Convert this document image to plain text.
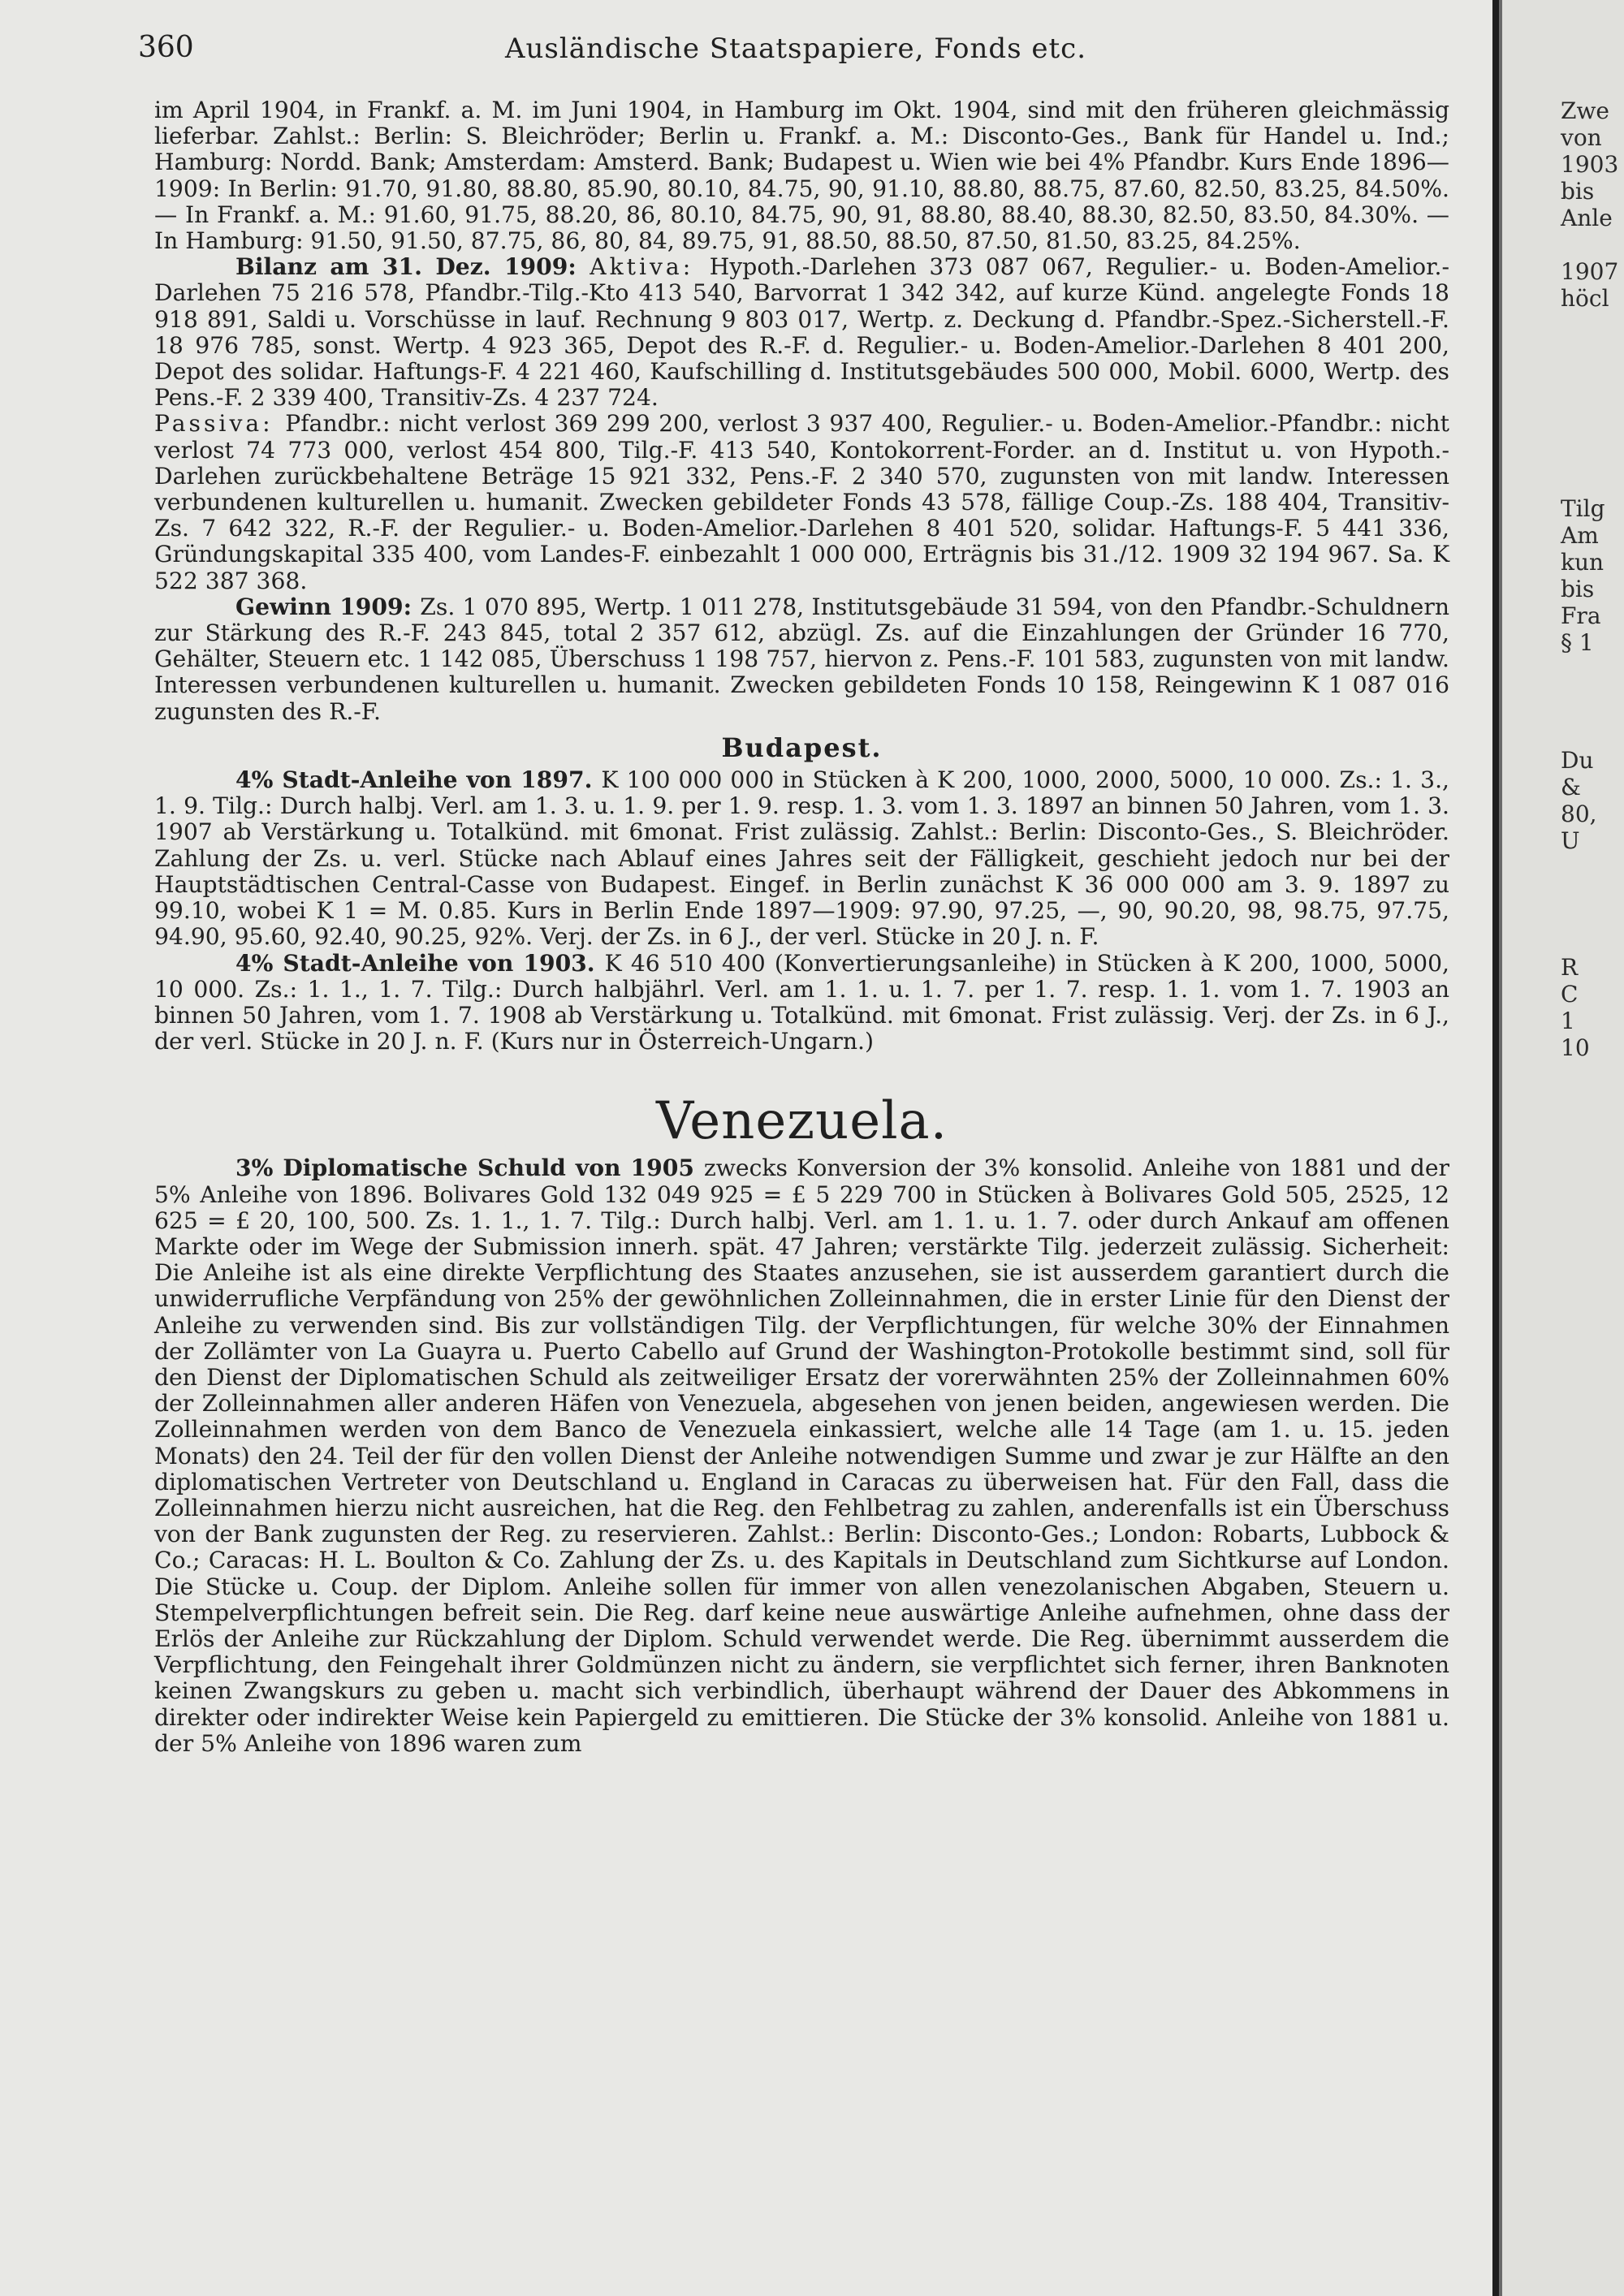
360	Ausländische Staatspapiere, Fonds etc.

im April 1904, in Frankf. a. M. im Juni 1904, in Hamburg im Okt. 1904, sind mit den früheren gleichmässig lieferbar. Zahlst.: Berlin: S. Bleichröder; Berlin u. Frankf. a. M.: Disconto-Ges., Bank für Handel u. Ind.; Hamburg: Nordd. Bank; Amsterdam: Amsterd. Bank; Budapest u. Wien wie bei 4% Pfandbr. Kurs Ende 1896—1909: In Berlin: 91.70, 91.80, 88.80, 85.90, 80.10, 84.75, 90, 91.10, 88.80, 88.75, 87.60, 82.50, 83.25, 84.50%. — In Frankf. a. M.: 91.60, 91.75, 88.20, 86, 80.10, 84.75, 90, 91, 88.80, 88.40, 88.30, 82.50, 83.50, 84.30%. — In Hamburg: 91.50, 91.50, 87.75, 86, 80, 84, 89.75, 91, 88.50, 88.50, 87.50, 81.50, 83.25, 84.25%.

Bilanz am 31. Dez. 1909: Aktiva: Hypoth.-Darlehen 373 087 067, Regulier.- u. Boden-Amelior.-Darlehen 75 216 578, Pfandbr.-Tilg.-Kto 413 540, Barvorrat 1 342 342, auf kurze Künd. angelegte Fonds 18 918 891, Saldi u. Vorschüsse in lauf. Rechnung 9 803 017, Wertp. z. Deckung d. Pfandbr.-Spez.-Sicherstell.-F. 18 976 785, sonst. Wertp. 4 923 365, Depot des R.-F. d. Regulier.- u. Boden-Amelior.-Darlehen 8 401 200, Depot des solidar. Haftungs-F. 4 221 460, Kaufschilling d. Institutsgebäudes 500 000, Mobil. 6000, Wertp. des Pens.-F. 2 339 400, Transitiv-Zs. 4 237 724.

Passiva: Pfandbr.: nicht verlost 369 299 200, verlost 3 937 400, Regulier.- u. Boden-Amelior.-Pfandbr.: nicht verlost 74 773 000, verlost 454 800, Tilg.-F. 413 540, Kontokorrent-Forder. an d. Institut u. von Hypoth.-Darlehen zurückbehaltene Beträge 15 921 332, Pens.-F. 2 340 570, zugunsten von mit landw. Interessen verbundenen kulturellen u. humanit. Zwecken gebildeter Fonds 43 578, fällige Coup.-Zs. 188 404, Transitiv-Zs. 7 642 322, R.-F. der Regulier.- u. Boden-Amelior.-Darlehen 8 401 520, solidar. Haftungs-F. 5 441 336, Gründungskapital 335 400, vom Landes-F. einbezahlt 1 000 000, Erträgnis bis 31./12. 1909 32 194 967. Sa. K 522 387 368.

Gewinn 1909: Zs. 1 070 895, Wertp. 1 011 278, Institutsgebäude 31 594, von den Pfandbr.-Schuldnern zur Stärkung des R.-F. 243 845, total 2 357 612, abzügl. Zs. auf die Einzahlungen der Gründer 16 770, Gehälter, Steuern etc. 1 142 085, Überschuss 1 198 757, hiervon z. Pens.-F. 101 583, zugunsten von mit landw. Interessen verbundenen kulturellen u. humanit. Zwecken gebildeten Fonds 10 158, Reingewinn K 1 087 016 zugunsten des R.-F.

Budapest.

4% Stadt-Anleihe von 1897. K 100 000 000 in Stücken à K 200, 1000, 2000, 5000, 10 000. Zs.: 1. 3., 1. 9. Tilg.: Durch halbj. Verl. am 1. 3. u. 1. 9. per 1. 9. resp. 1. 3. vom 1. 3. 1897 an binnen 50 Jahren, vom 1. 3. 1907 ab Verstärkung u. Totalkünd. mit 6monat. Frist zulässig. Zahlst.: Berlin: Disconto-Ges., S. Bleichröder. Zahlung der Zs. u. verl. Stücke nach Ablauf eines Jahres seit der Fälligkeit, geschieht jedoch nur bei der Hauptstädtischen Central-Casse von Budapest. Eingef. in Berlin zunächst K 36 000 000 am 3. 9. 1897 zu 99.10, wobei K 1 = M. 0.85. Kurs in Berlin Ende 1897—1909: 97.90, 97.25, —, 90, 90.20, 98, 98.75, 97.75, 94.90, 95.60, 92.40, 90.25, 92%. Verj. der Zs. in 6 J., der verl. Stücke in 20 J. n. F.

4% Stadt-Anleihe von 1903. K 46 510 400 (Konvertierungsanleihe) in Stücken à K 200, 1000, 5000, 10 000. Zs.: 1. 1., 1. 7. Tilg.: Durch halbjährl. Verl. am 1. 1. u. 1. 7. per 1. 7. resp. 1. 1. vom 1. 7. 1903 an binnen 50 Jahren, vom 1. 7. 1908 ab Verstärkung u. Totalkünd. mit 6monat. Frist zulässig. Verj. der Zs. in 6 J., der verl. Stücke in 20 J. n. F. (Kurs nur in Österreich-Ungarn.)

Venezuela.

3% Diplomatische Schuld von 1905 zwecks Konversion der 3% konsolid. Anleihe von 1881 und der 5% Anleihe von 1896. Bolivares Gold 132 049 925 = £ 5 229 700 in Stücken à Bolivares Gold 505, 2525, 12 625 = £ 20, 100, 500. Zs. 1. 1., 1. 7. Tilg.: Durch halbj. Verl. am 1. 1. u. 1. 7. oder durch Ankauf am offenen Markte oder im Wege der Submission innerh. spät. 47 Jahren; verstärkte Tilg. jederzeit zulässig. Sicherheit: Die Anleihe ist als eine direkte Verpflichtung des Staates anzusehen, sie ist ausserdem garantiert durch die unwiderrufliche Verpfändung von 25% der gewöhnlichen Zolleinnahmen, die in erster Linie für den Dienst der Anleihe zu verwenden sind. Bis zur vollständigen Tilg. der Verpflichtungen, für welche 30% der Einnahmen der Zollämter von La Guayra u. Puerto Cabello auf Grund der Washington-Protokolle bestimmt sind, soll für den Dienst der Diplomatischen Schuld als zeitweiliger Ersatz der vorerwähnten 25% der Zolleinnahmen 60% der Zolleinnahmen aller anderen Häfen von Venezuela, abgesehen von jenen beiden, angewiesen werden. Die Zolleinnahmen werden von dem Banco de Venezuela einkassiert, welche alle 14 Tage (am 1. u. 15. jeden Monats) den 24. Teil der für den vollen Dienst der Anleihe notwendigen Summe und zwar je zur Hälfte an den diplomatischen Vertreter von Deutschland u. England in Caracas zu überweisen hat. Für den Fall, dass die Zolleinnahmen hierzu nicht ausreichen, hat die Reg. den Fehlbetrag zu zahlen, anderenfalls ist ein Überschuss von der Bank zugunsten der Reg. zu reservieren. Zahlst.: Berlin: Disconto-Ges.; London: Robarts, Lubbock & Co.; Caracas: H. L. Boulton & Co. Zahlung der Zs. u. des Kapitals in Deutschland zum Sichtkurse auf London. Die Stücke u. Coup. der Diplom. Anleihe sollen für immer von allen venezolanischen Abgaben, Steuern u. Stempelverpflichtungen befreit sein. Die Reg. darf keine neue auswärtige Anleihe aufnehmen, ohne dass der Erlös der Anleihe zur Rückzahlung der Diplom. Schuld verwendet werde. Die Reg. übernimmt ausserdem die Verpflichtung, den Feingehalt ihrer Goldmünzen nicht zu ändern, sie verpflichtet sich ferner, ihren Banknoten keinen Zwangskurs zu geben u. macht sich verbindlich, überhaupt während der Dauer des Abkommens in direkter oder indirekter Weise kein Papiergeld zu emittieren. Die Stücke der 3% konsolid. Anleihe von 1881 u. der 5% Anleihe von 1896 waren zum

Zwe
von
1903
bis
Anle
1907
höcl
Tilg
Am
kun
bis
Fra
§ 1
Du
&
80,
U
R
C
1
10
